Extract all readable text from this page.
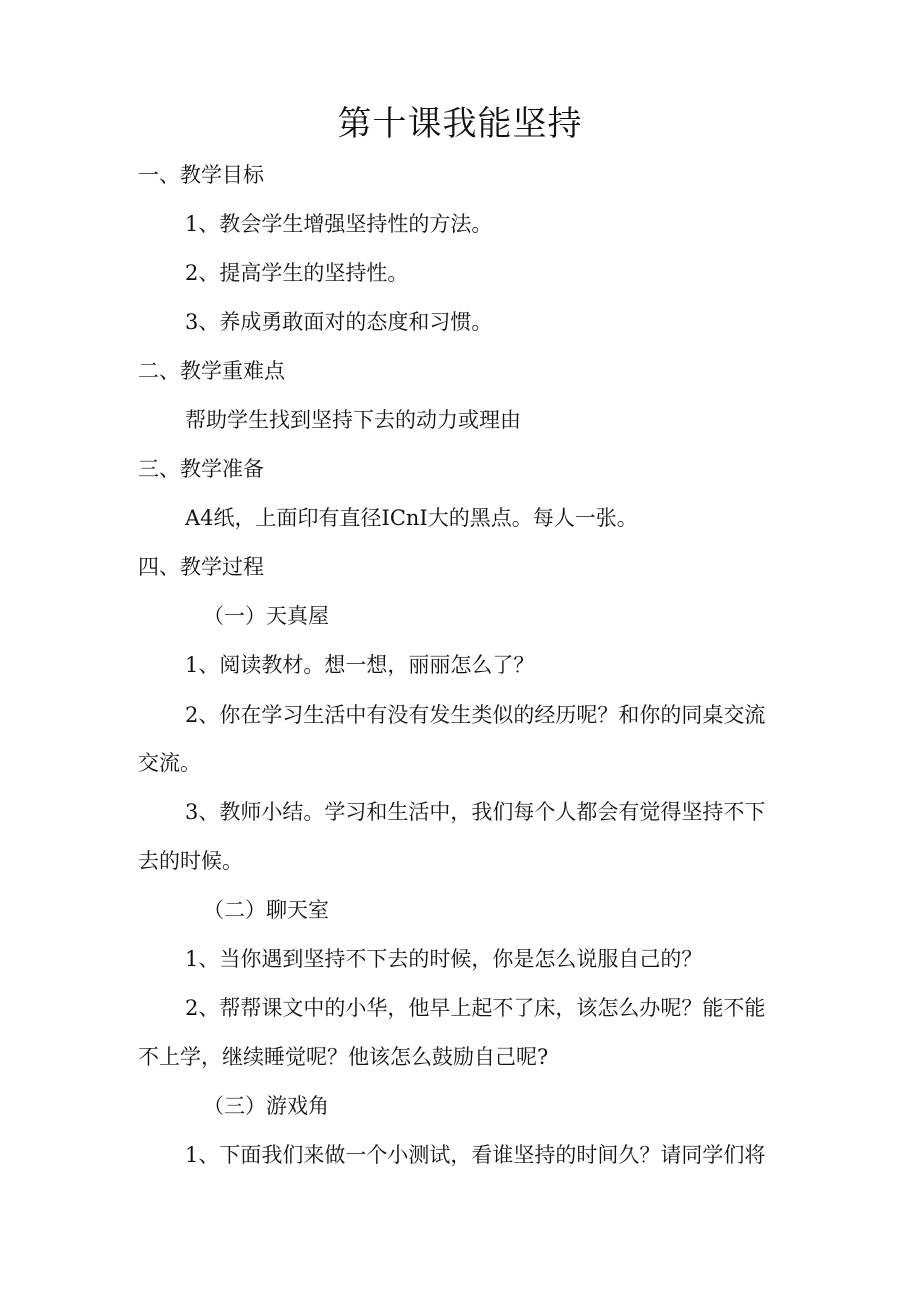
第十课我能坚持
一、教学目标
1、教会学生增强坚持性的方法。
2、提高学生的坚持性。
3、养成勇敢面对的态度和习惯。
二、教学重难点
帮助学生找到坚持下去的动力或理由
三、教学准备
A4纸，上面印有直径ICnI大的黑点。每人一张。
四、教学过程
（一）天真屋
1、阅读教材。想一想，丽丽怎么了？
2、你在学习生活中有没有发生类似的经历呢？和你的同桌交流
交流。
3、教师小结。学习和生活中，我们每个人都会有觉得坚持不下
去的时候。
（二）聊天室
1、当你遇到坚持不下去的时候，你是怎么说服自己的？
2、帮帮课文中的小华，他早上起不了床，该怎么办呢？能不能
不上学，继续睡觉呢？他该怎么鼓励自己呢?
（三）游戏角
1、下面我们来做一个小测试，看谁坚持的时间久？请同学们将
